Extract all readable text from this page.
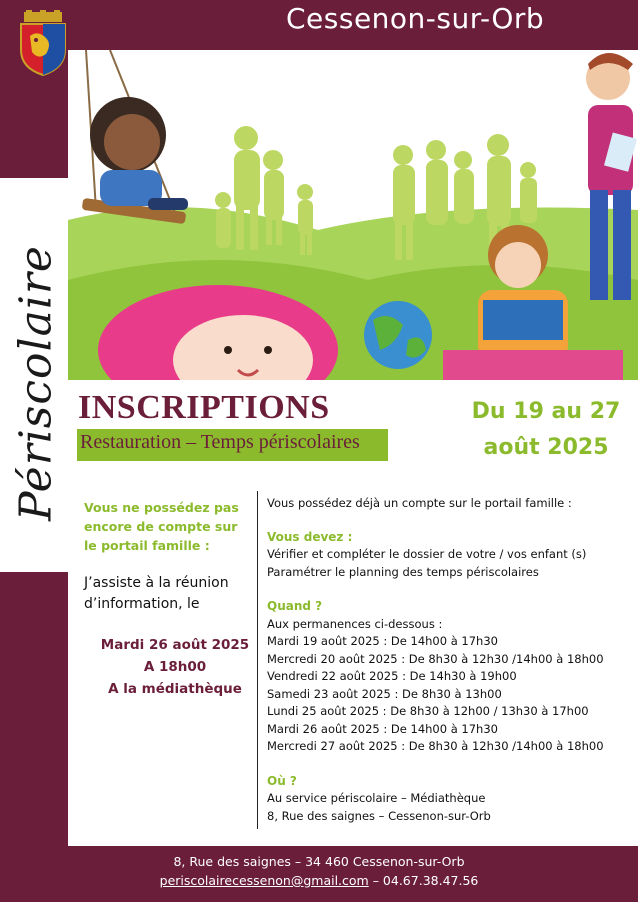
Cessenon-sur-Orb
Périscolaire INSCRIPTIONS
Restauration – Temps périscolaires
Du 19 au 27
août 2025
Vous ne possédez pas encore de compte sur le portail famille :
J’assiste à la réunion d’information, le
Mardi 26 août 2025
A 18h00
A la médiathèque
Vous possédez déjà un compte sur le portail famille :
Vous devez :
Vérifier et compléter le dossier de votre / vos enfant (s)
Paramétrer le planning des temps périscolaires
Quand ?
Aux permanences ci-dessous :
Mardi 19 août 2025 : De 14h00 à 17h30
Mercredi 20 août 2025 : De 8h30 à 12h30 /14h00 à 18h00
Vendredi 22 août 2025 : De 14h30 à 19h00
Samedi 23 août 2025 : De 8h30 à 13h00
Lundi 25 août 2025 : De 8h30 à 12h00 / 13h30 à 17h00
Mardi 26 août 2025 : De 14h00 à 17h30
Mercredi 27 août 2025 : De 8h30 à 12h30 /14h00 à 18h00
Où ?
Au service périscolaire – Médiathèque
8, Rue des saignes – Cessenon-sur-Orb
8, Rue des saignes – 34 460 Cessenon-sur-Orb
periscolairecessenon@gmail.com – 04.67.38.47.56
